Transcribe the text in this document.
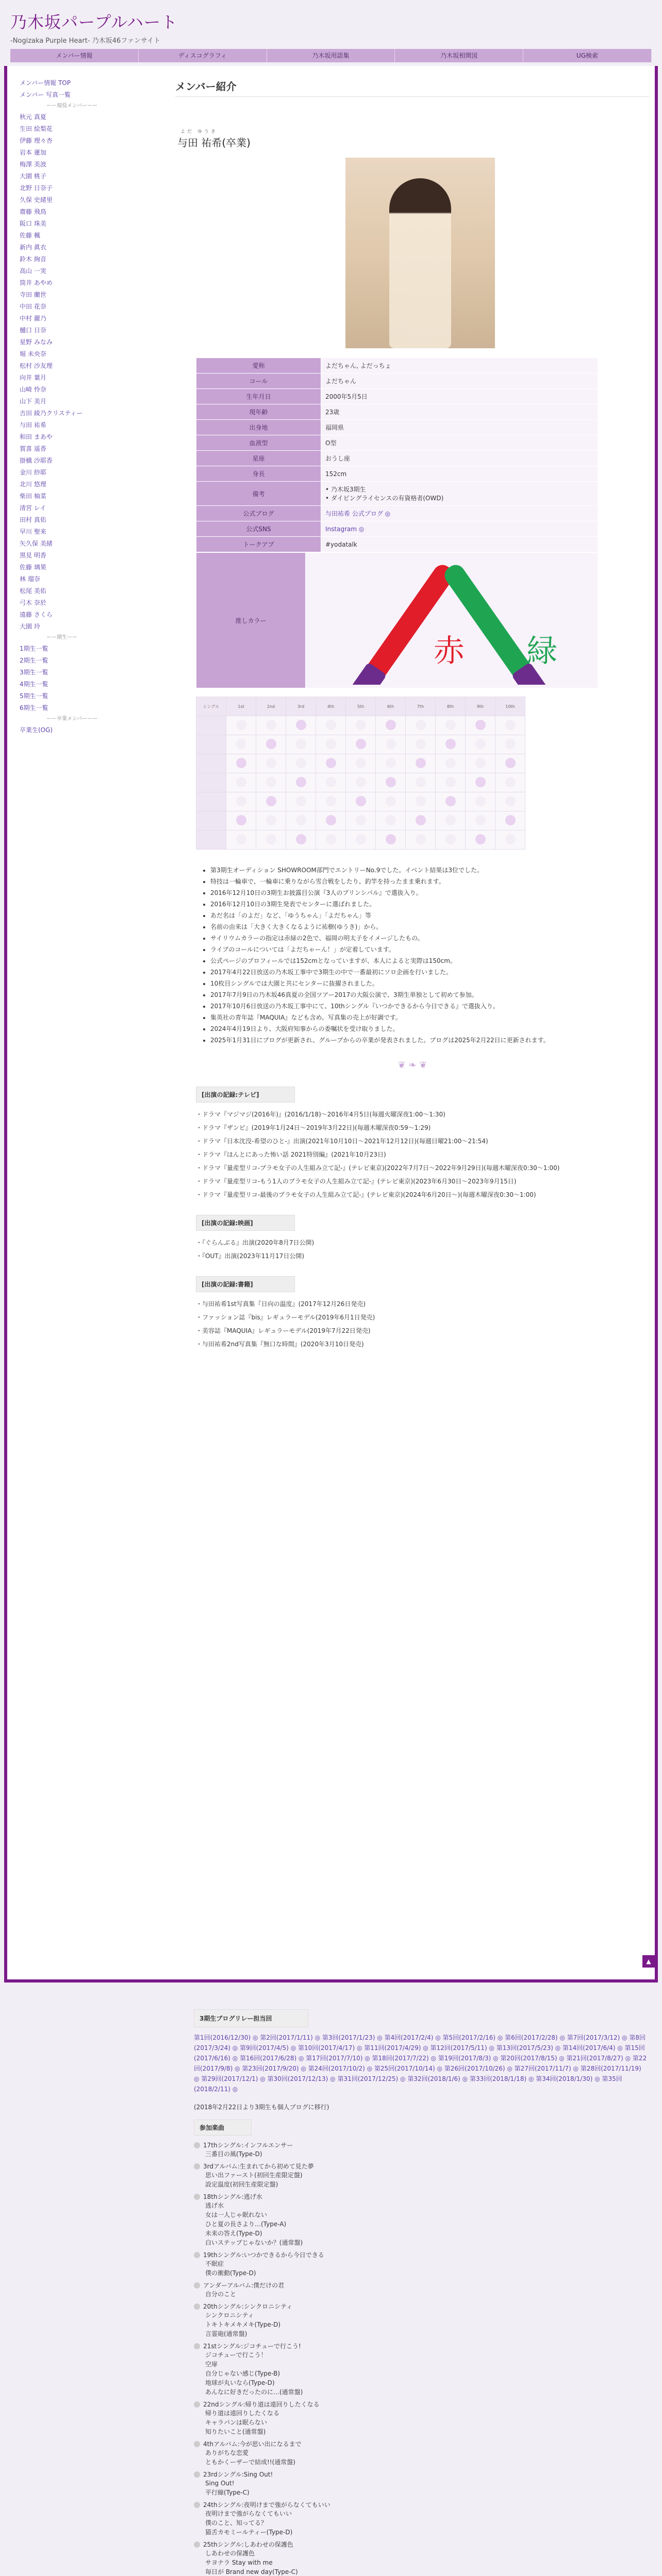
乃木坂パープルハート
-Nogizaka Purple Heart- 乃木坂46ファンサイト
メンバー情報	ディスコグラフィ	乃木坂用語集	乃木坂相関図	UG検索
メンバー情報 TOP
メンバー 写真一覧
ーー現役メンバーーー
秋元 真夏
生田 絵梨花
伊藤 理々杏
岩本 蓮加
梅澤 美波
大園 桃子
北野 日奈子
久保 史緒里
齋藤 飛鳥
阪口 珠美
佐藤 楓
新内 眞衣
鈴木 絢音
高山 一実
筒井 あやめ
寺田 蘭世
中田 花奈
中村 麗乃
樋口 日奈
星野 みなみ
堀 未央奈
松村 沙友理
向井 葉月
山崎 怜奈
山下 美月
吉田 綾乃クリスティー
与田 祐希
和田 まあや
賀喜 遥香
掛橋 沙耶香
金川 紗耶
北川 悠理
柴田 柚菜
清宮 レイ
田村 真佑
早川 聖来
矢久保 美緒
黒見 明香
佐藤 璃果
林 瑠奈
松尾 美佑
弓木 奈於
遠藤 さくら
大園 玲
ーー期生ーー
1期生一覧
2期生一覧
3期生一覧
4期生一覧
5期生一覧
6期生一覧
ーー卒業メンバーーー
卒業生(OG)
メンバー紹介
よだ ゆうき
与田 祐希(卒業)
愛称	よだちゃん, よだっちょ
コール	よだちゃん
生年月日	2000年5月5日
現年齢	23歳
出身地	福岡県
血液型	O型
星座	おうし座
身長	152cm
備考	• 乃木坂3期生
• ダイビングライセンスの有資格者(OWD)
公式ブログ	与田祐希 公式ブログ ◎
公式SNS	Instagram ◎
トークアプ	#yodatalk
推しカラー	
赤 緑
シングル	1st	2nd	3rd	4th	5th	6th	7th	8th	9th	10th

• 第3期生オーディション SHOWROOM部門でエントリーNo.9でした。イベント結果は3位でした。
• 特技は一輪車で、一輪車に乗りながら雪合戦をしたり、釣竿を持ったまま乗れます。
• 2016年12月10日の3期生お披露目公演『3人のプリンシパル』で選抜入り。
• 2016年12月10日の3期生発表でセンターに選ばれました。
• あだ名は「のよだ」など、「ゆうちゃん」「よだちゃん」等
• 名前の由来は「大きく大きくなるように祐樹(ゆうき)」から。
• サイリウムカラーの指定は赤緑の2色で、福岡の明太子をイメージしたもの。
• ライブのコールについては「よだちゃーん！」が定着しています。
• 公式ページのプロフィールでは152cmとなっていますが、本人によると実際は150cm。
• 2017年4月22日放送の乃木坂工事中で3期生の中で一番最初にソロ企画を行いました。
• 10枚目シングルでは大園と共にセンターに抜擢されました。
• 2017年7月9日の乃木坂46真夏の全国ツアー2017の大阪公演で、3期生単独として初めて参加。
• 2017年10月6日放送の乃木坂工事中にて、10thシングル『いつかできるから今日できる』で選抜入り。
• 集英社の青年誌『MAQUIA』なども含め、写真集の売上が好調です。
• 2024年4月19日より、大阪府知事からの委嘱状を受け取りました。
• 2025年1月31日にブログが更新され、グループからの卒業が発表されました。ブログは2025年2月22日に更新されます。
❦ ❧ ❦
[出演の記録:テレビ]
・ドラマ『マジマジ(2016年)』(2016/1/18)～2016年4月5日(毎週火曜深夜1:00～1:30)
・ドラマ『ザンビ』(2019年1月24日～2019年3月22日)(毎週木曜深夜0:59～1:29)
・ドラマ『日本沈没-希望のひと-』出演(2021年10月10日～2021年12月12日)(毎週日曜21:00～21:54)
・ドラマ『ほんとにあった怖い話 2021特別編』(2021年10月23日)
・ドラマ『量産型リコ-プラモ女子の人生組み立て記-』(テレビ東京)(2022年7月7日～2022年9月29日)(毎週木曜深夜0:30～1:00)
・ドラマ『量産型リコ-もう1人のプラモ女子の人生組み立て記-』(テレビ東京)(2023年6月30日～2023年9月15日)
・ドラマ『量産型リコ-最後のプラモ女子の人生組み立て記-』(テレビ東京)(2024年6月20日～)(毎週木曜深夜0:30～1:00)
[出演の記録:映画]
・『ぐらんぶる』出演(2020年8月7日公開)
・『OUT』出演(2023年11月17日公開)
[出演の記録:書籍]
・与田祐希1st写真集『日向の温度』(2017年12月26日発売)
・ファッション誌『bis』レギュラーモデル(2019年6月1日発売)
・美容誌『MAQUIA』レギュラーモデル(2019年7月22日発売)
・与田祐希2nd写真集『無口な時間』(2020年3月10日発売)
▲
3期生ブログリレー担当回
第1回(2016/12/30) ◎ 第2回(2017/1/11) ◎ 第3回(2017/1/23) ◎ 第4回(2017/2/4) ◎ 第5回(2017/2/16) ◎ 第6回(2017/2/28) ◎ 第7回(2017/3/12) ◎ 第8回(2017/3/24) ◎ 第9回(2017/4/5) ◎ 第10回(2017/4/17) ◎ 第11回(2017/4/29) ◎ 第12回(2017/5/11) ◎ 第13回(2017/5/23) ◎ 第14回(2017/6/4) ◎ 第15回(2017/6/16) ◎ 第16回(2017/6/28) ◎ 第17回(2017/7/10) ◎ 第18回(2017/7/22) ◎ 第19回(2017/8/3) ◎ 第20回(2017/8/15) ◎ 第21回(2017/8/27) ◎ 第22回(2017/9/8) ◎ 第23回(2017/9/20) ◎ 第24回(2017/10/2) ◎ 第25回(2017/10/14) ◎ 第26回(2017/10/26) ◎ 第27回(2017/11/7) ◎ 第28回(2017/11/19) ◎ 第29回(2017/12/1) ◎ 第30回(2017/12/13) ◎ 第31回(2017/12/25) ◎ 第32回(2018/1/6) ◎ 第33回(2018/1/18) ◎ 第34回(2018/1/30) ◎ 第35回(2018/2/11) ◎
(2018年2月22日より3期生も個人ブログに移行)
参加楽曲
17thシングル:インフルエンサー
三番目の風(Type-D)
3rdアルバム:生まれてから初めて見た夢
思い出ファースト(初回生産限定盤)
設定温度(初回生産限定盤)
18thシングル:逃げ水
逃げ水
女は一人じゃ眠れない
ひと夏の長さより…(Type-A)
未来の答え(Type-D)
白いステップじゃないか？(通常盤)
19thシングル:いつかできるから今日できる
不眠症
僕の衝動(Type-D)
アンダーアルバム:僕だけの君
自分のこと
20thシングル:シンクロニシティ
シンクロニシティ
トキトキメキメキ(Type-D)
言霊砲(通常盤)
21stシングル:ジコチューで行こう!
ジコチューで行こう！
空扉
自分じゃない感じ(Type-B)
地球が丸いなら(Type-D)
あんなに好きだったのに…(通常盤)
22ndシングル:帰り道は遠回りしたくなる
帰り道は遠回りしたくなる
キャラバンは眠らない
知りたいこと(通常盤)
4thアルバム:今が思い出になるまで
ありがちな恋愛
ともかくーザーで結成!!(通常盤)
23rdシングル:Sing Out!
Sing Out!
平行線(Type-C)
24thシングル:夜明けまで強がらなくてもいい
夜明けまで強がらなくてもいい
僕のこと、知ってる？
猫舌カモミールティー(Type-D)
25thシングル:しあわせの保護色
しあわせの保護色
サヨナラ Stay with me
毎日が Brand new day(Type-C)
